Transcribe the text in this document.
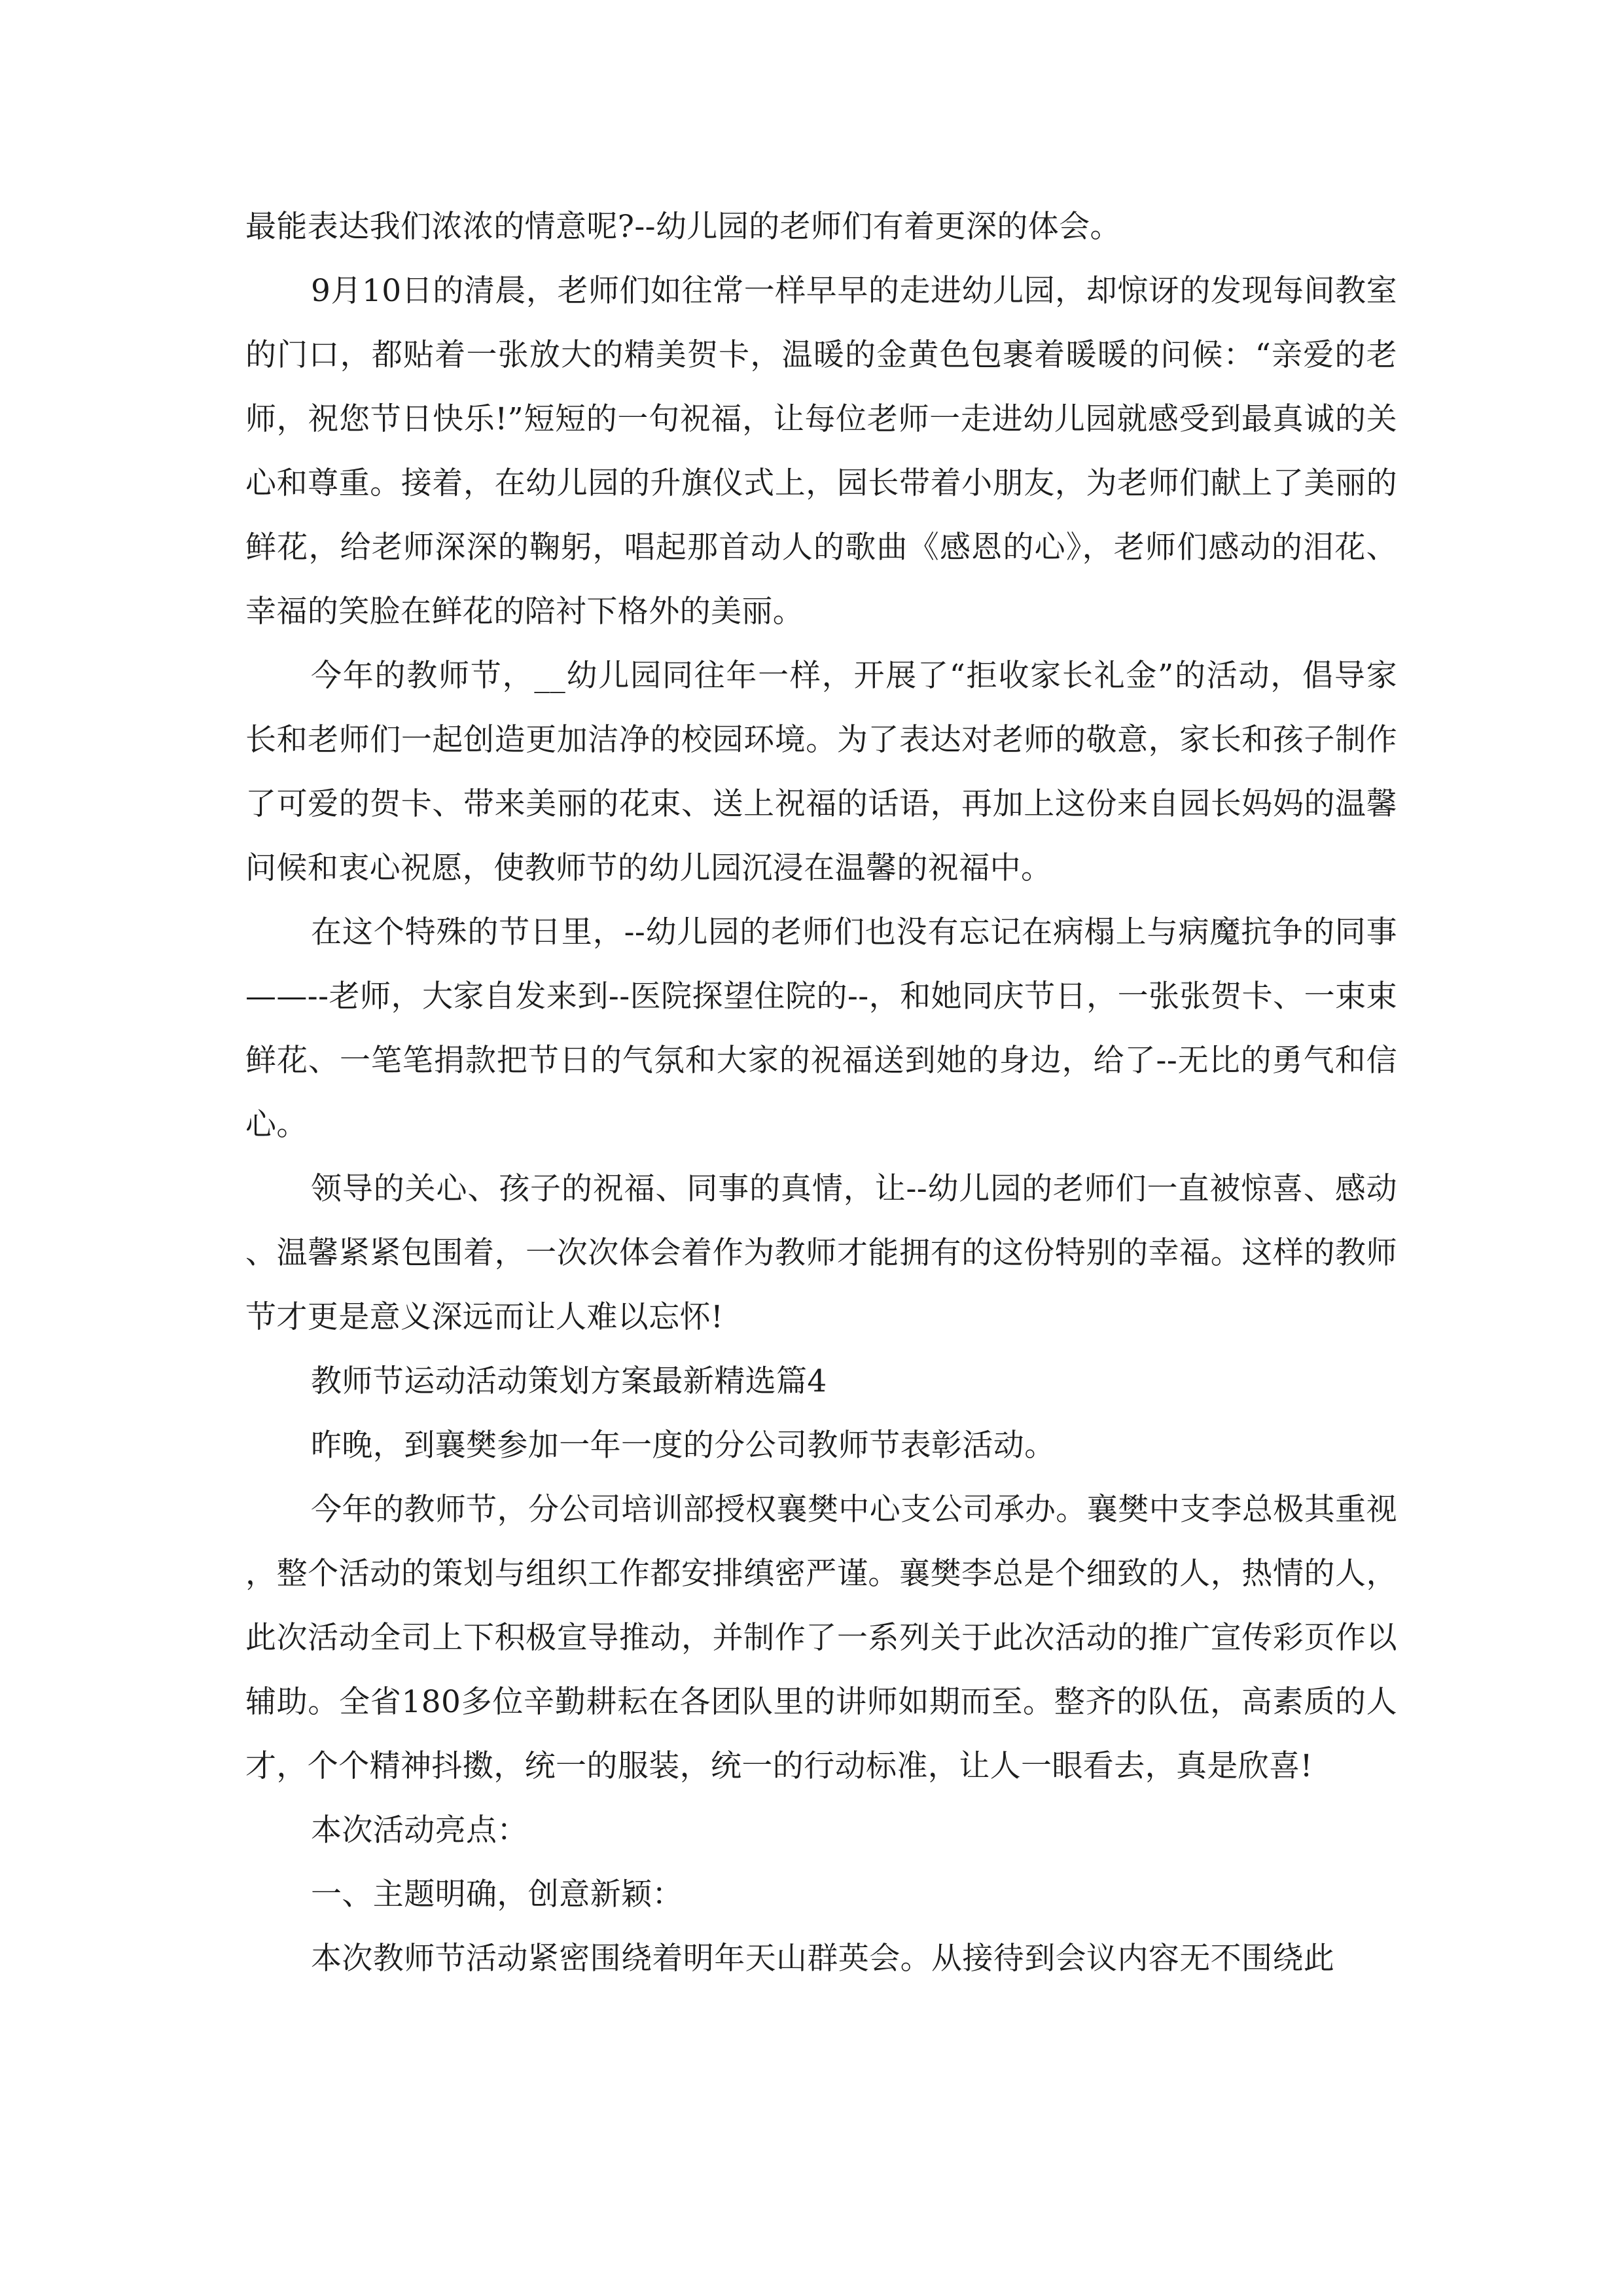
最能表达我们浓浓的情意呢?--幼儿园的老师们有着更深的体会。

9月10日的清晨，老师们如往常一样早早的走进幼儿园，却惊讶的发现每间教室的门口，都贴着一张放大的精美贺卡，温暖的金黄色包裹着暖暖的问候：“亲爱的老师，祝您节日快乐!”短短的一句祝福，让每位老师一走进幼儿园就感受到最真诚的关心和尊重。接着，在幼儿园的升旗仪式上，园长带着小朋友，为老师们献上了美丽的鲜花，给老师深深的鞠躬，唱起那首动人的歌曲《感恩的心》，老师们感动的泪花、幸福的笑脸在鲜花的陪衬下格外的美丽。

今年的教师节，__幼儿园同往年一样，开展了“拒收家长礼金”的活动，倡导家长和老师们一起创造更加洁净的校园环境。为了表达对老师的敬意，家长和孩子制作了可爱的贺卡、带来美丽的花束、送上祝福的话语，再加上这份来自园长妈妈的温馨问候和衷心祝愿，使教师节的幼儿园沉浸在温馨的祝福中。

在这个特殊的节日里，--幼儿园的老师们也没有忘记在病榻上与病魔抗争的同事——--老师，大家自发来到--医院探望住院的--，和她同庆节日，一张张贺卡、一束束鲜花、一笔笔捐款把节日的气氛和大家的祝福送到她的身边，给了--无比的勇气和信心。

领导的关心、孩子的祝福、同事的真情，让--幼儿园的老师们一直被惊喜、感动、温馨紧紧包围着，一次次体会着作为教师才能拥有的这份特别的幸福。这样的教师节才更是意义深远而让人难以忘怀!

教师节运动活动策划方案最新精选篇4

昨晚，到襄樊参加一年一度的分公司教师节表彰活动。

今年的教师节，分公司培训部授权襄樊中心支公司承办。襄樊中支李总极其重视，整个活动的策划与组织工作都安排缜密严谨。襄樊李总是个细致的人，热情的人，此次活动全司上下积极宣导推动，并制作了一系列关于此次活动的推广宣传彩页作以辅助。全省180多位辛勤耕耘在各团队里的讲师如期而至。整齐的队伍，高素质的人才，个个精神抖擞，统一的服装，统一的行动标准，让人一眼看去，真是欣喜!

本次活动亮点：

一、主题明确，创意新颖：

本次教师节活动紧密围绕着明年天山群英会。从接待到会议内容无不围绕此
